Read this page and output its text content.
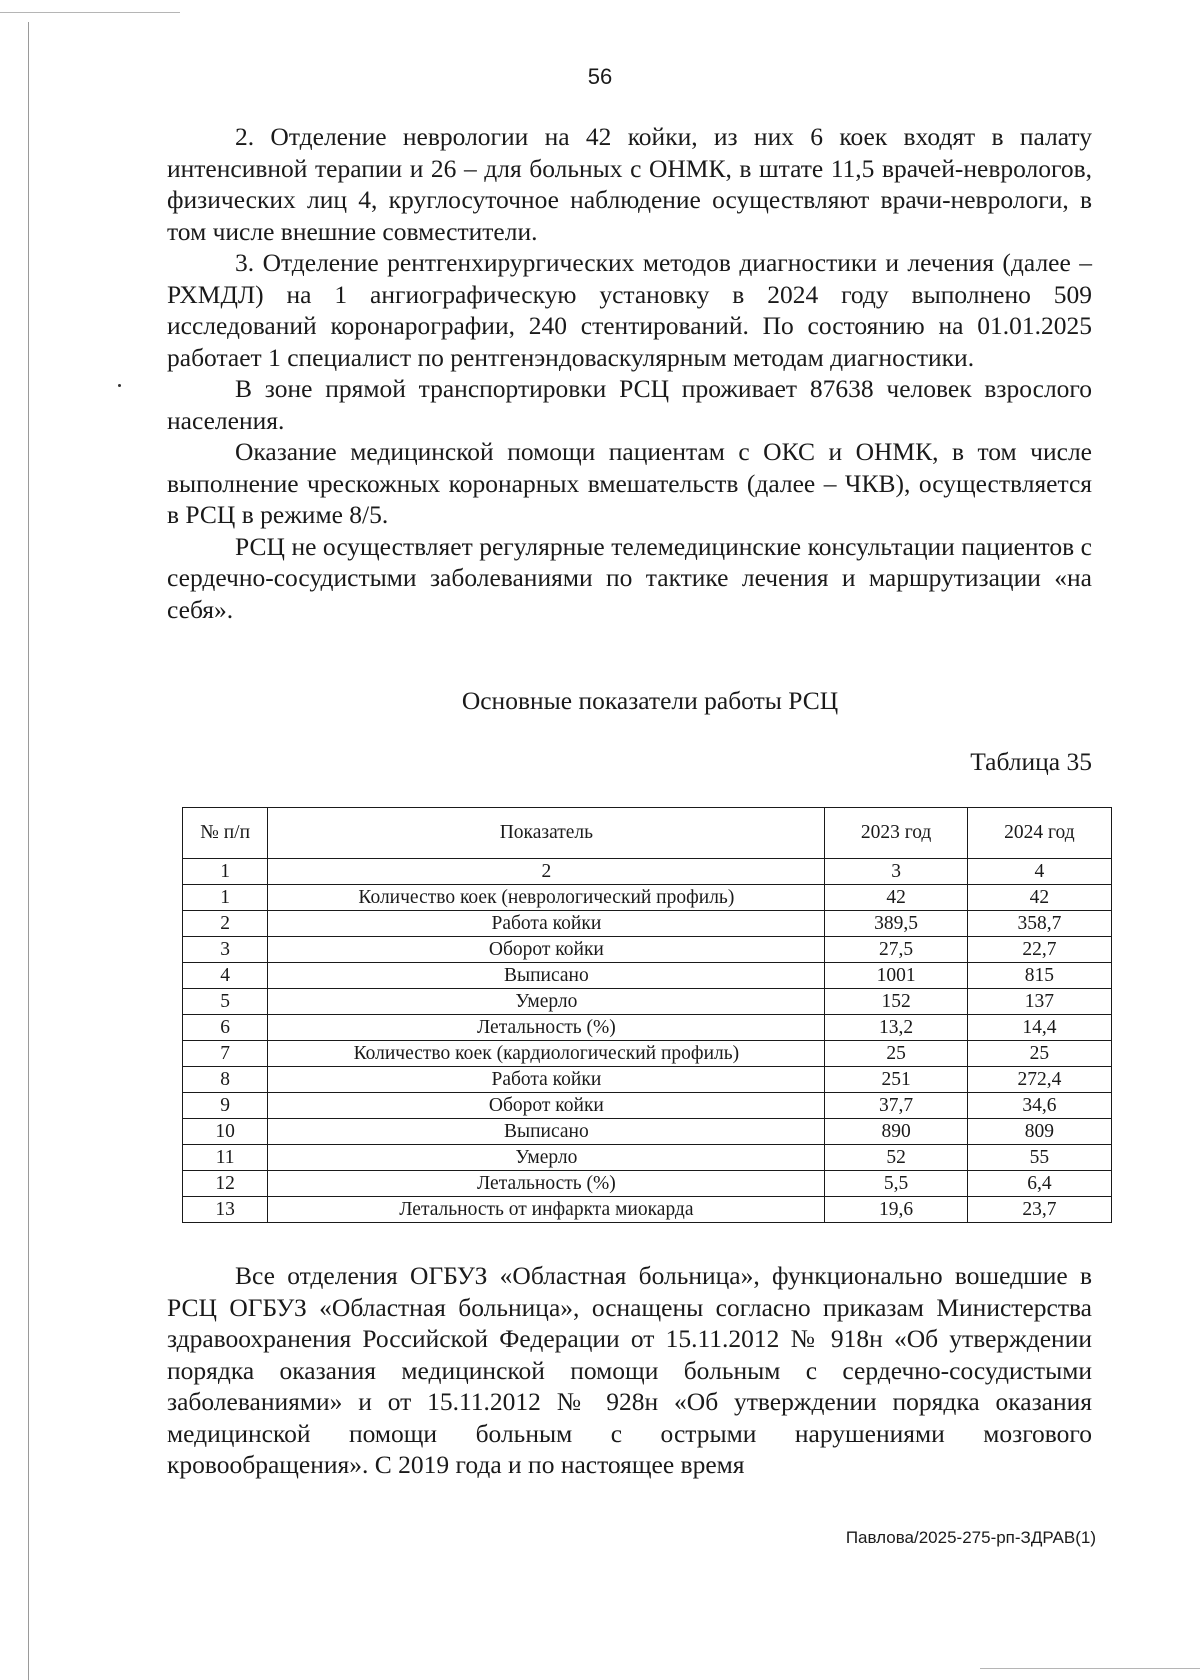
56

2. Отделение неврологии на 42 койки, из них 6 коек входят в палату интенсивной терапии и 26 – для больных с ОНМК, в штате 11,5 врачей-неврологов, физических лиц 4, круглосуточное наблюдение осуществляют врачи-неврологи, в том числе внешние совместители.

3. Отделение рентгенхирургических методов диагностики и лечения (далее – РХМДЛ) на 1 ангиографическую установку в 2024 году выполнено 509 исследований коронарографии, 240 стентирований. По состоянию на 01.01.2025 работает 1 специалист по рентгенэндоваскулярным методам диагностики.

В зоне прямой транспортировки РСЦ проживает 87638 человек взрослого населения.

Оказание медицинской помощи пациентам с ОКС и ОНМК, в том числе выполнение чрескожных коронарных вмешательств (далее – ЧКВ), осуществляется в РСЦ в режиме 8/5.

РСЦ не осуществляет регулярные телемедицинские консультации пациентов с сердечно-сосудистыми заболеваниями по тактике лечения и маршрутизации «на себя».

Основные показатели работы РСЦ
Таблица 35
№ п/п	Показатель	2023 год	2024 год
1	2	3	4
1	Количество коек (неврологический профиль)	42	42
2	Работа койки	389,5	358,7
3	Оборот койки	27,5	22,7
4	Выписано	1001	815
5	Умерло	152	137
6	Летальность (%)	13,2	14,4
7	Количество коек (кардиологический профиль)	25	25
8	Работа койки	251	272,4
9	Оборот койки	37,7	34,6
10	Выписано	890	809
11	Умерло	52	55
12	Летальность (%)	5,5	6,4
13	Летальность от инфаркта миокарда	19,6	23,7

Все отделения ОГБУЗ «Областная больница», функционально вошедшие в РСЦ ОГБУЗ «Областная больница», оснащены согласно приказам Министерства здравоохранения Российской Федерации от 15.11.2012 № 918н «Об утверждении порядка оказания медицинской помощи больным с сердечно-сосудистыми заболеваниями» и от 15.11.2012 № 928н «Об утверждении порядка оказания медицинской помощи больным с острыми нарушениями мозгового кровообращения». С 2019 года и по настоящее время

Павлова/2025-275-рп-ЗДРАВ(1)
